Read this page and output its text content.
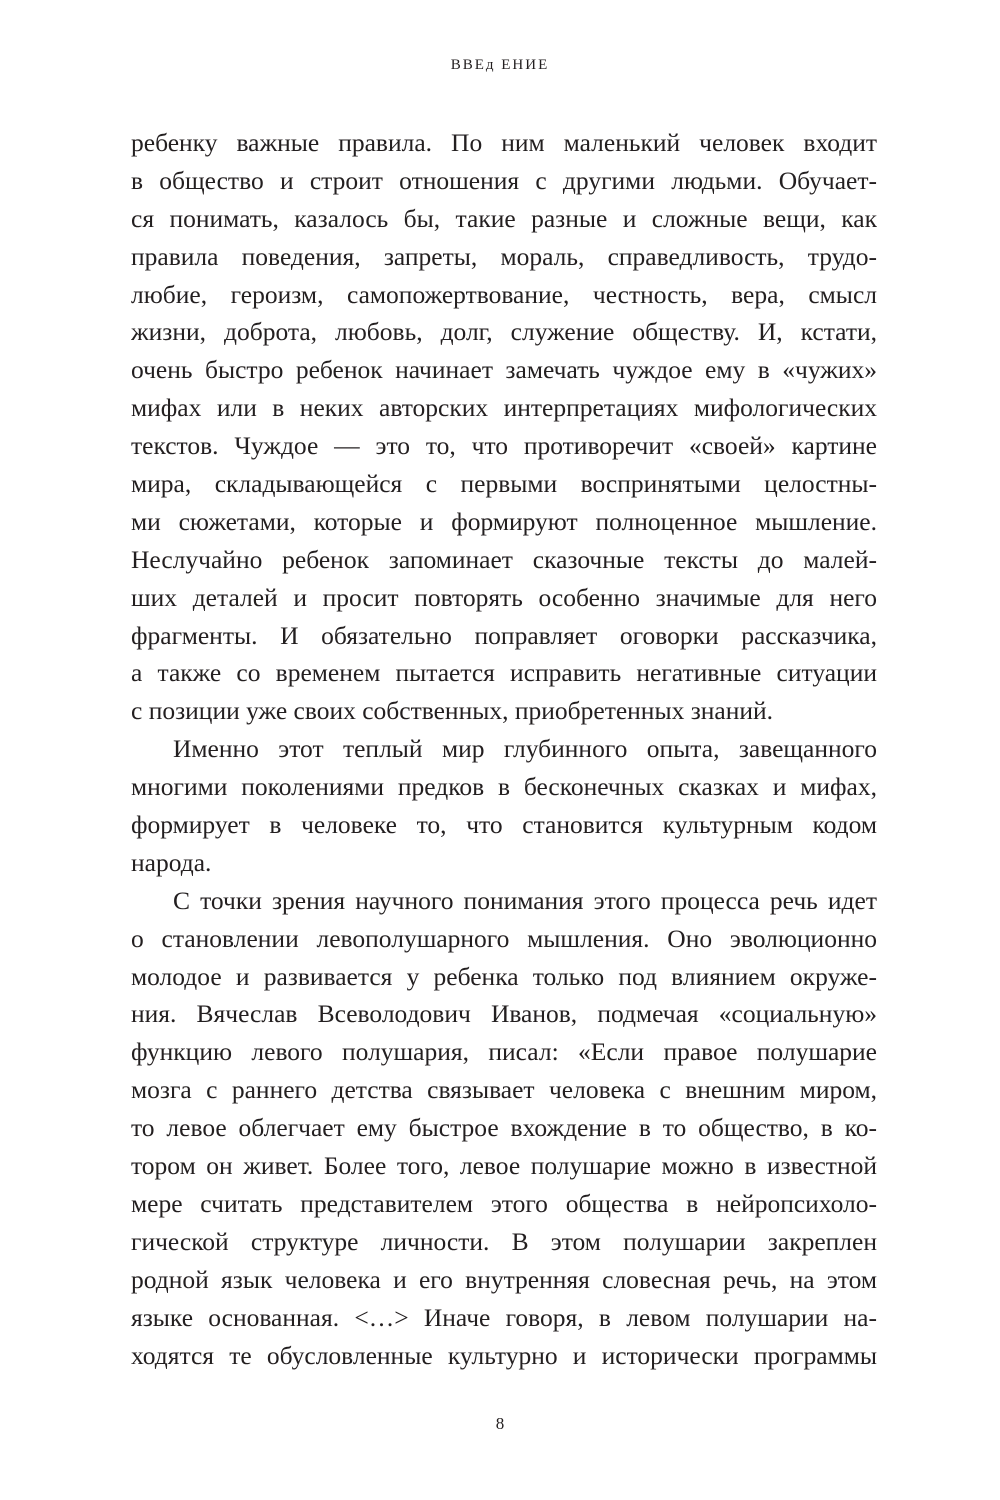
ВВЕд ЕНИЕ
ребенку важные правила. По ним маленький человек входит
в общество и строит отношения с другими людьми. Обучает-
ся понимать, казалось бы, такие разные и сложные вещи, как
правила поведения, запреты, мораль, справедливость, трудо-
любие, героизм, самопожертвование, честность, вера, смысл
жизни, доброта, любовь, долг, служение обществу. И, кстати,
очень быстро ребенок начинает замечать чуждое ему в «чужих»
мифах или в неких авторских интерпретациях мифологических
текстов. Чуждое — это то, что противоречит «своей» картине
мира, складывающейся с первыми воспринятыми целостны-
ми сюжетами, которые и формируют полноценное мышление.
Неслучайно ребенок запоминает сказочные тексты до малей-
ших деталей и просит повторять особенно значимые для него
фрагменты. И обязательно поправляет оговорки рассказчика,
а также со временем пытается исправить негативные ситуации
с позиции уже своих собственных, приобретенных знаний.
Именно этот теплый мир глубинного опыта, завещанного
многими поколениями предков в бесконечных сказках и мифах,
формирует в человеке то, что становится культурным кодом
народа.
С точки зрения научного понимания этого процесса речь идет
о становлении левополушарного мышления. Оно эволюционно
молодое и развивается у ребенка только под влиянием окруже-
ния. Вячеслав Всеволодович Иванов, подмечая «социальную»
функцию левого полушария, писал: «Если правое полушарие
мозга с раннего детства связывает человека с внешним миром,
то левое облегчает ему быстрое вхождение в то общество, в ко-
тором он живет. Более того, левое полушарие можно в известной
мере считать представителем этого общества в нейропсихоло-
гической структуре личности. В этом полушарии закреплен
родной язык человека и его внутренняя словесная речь, на этом
языке основанная. <…> Иначе говоря, в левом полушарии на-
ходятся те обусловленные культурно и исторически программы
8
